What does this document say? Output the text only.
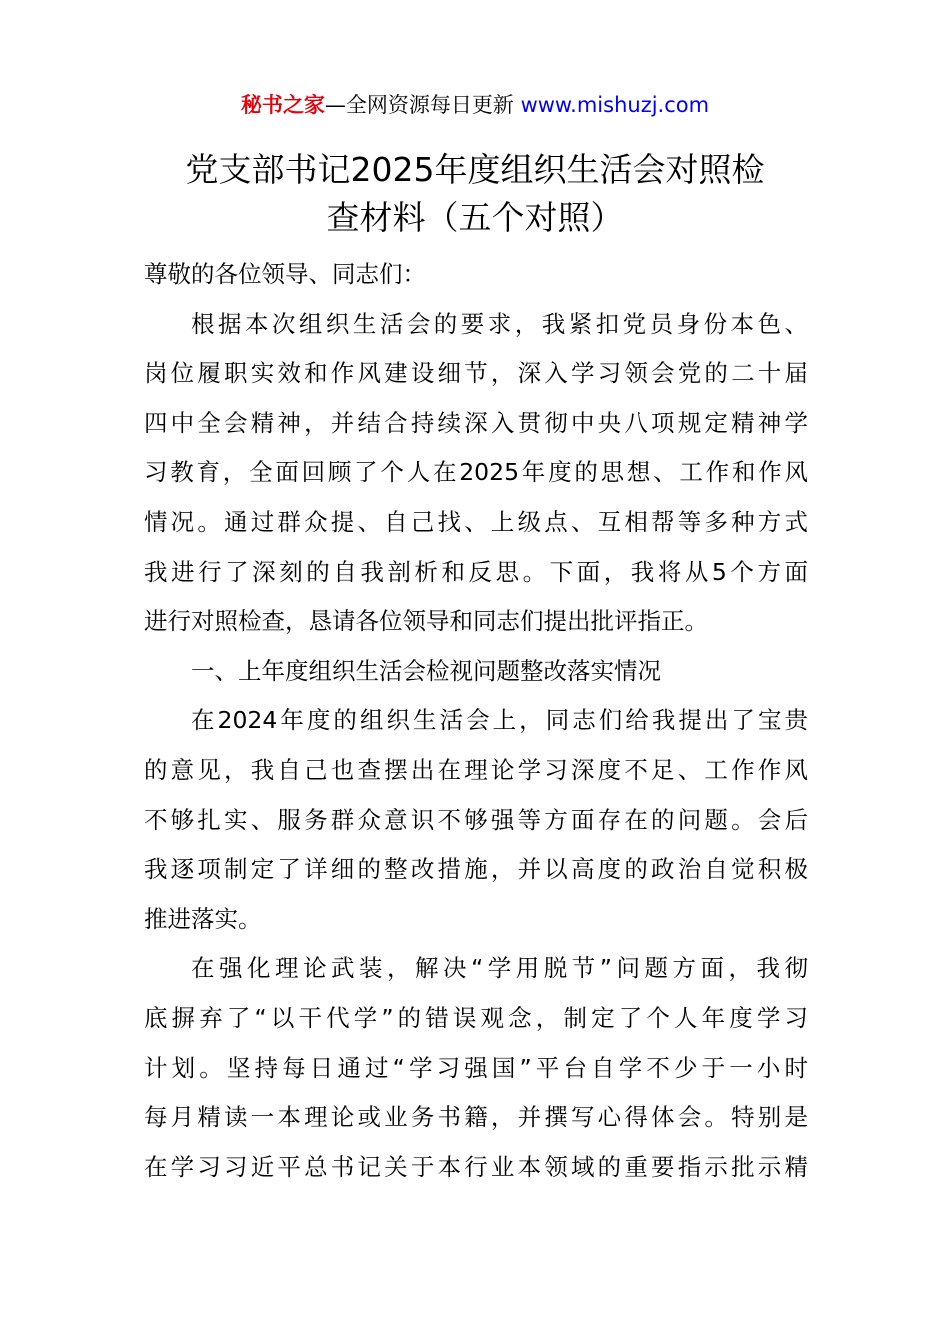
秘书之家—全网资源每日更新 www.mishuzj.com
党支部书记2025年度组织生活会对照检
查材料（五个对照）

尊敬的各位领导、同志们：

根据本次组织生活会的要求，我紧扣党员身份本色、
岗位履职实效和作风建设细节，深入学习领会党的二十届
四中全会精神，并结合持续深入贯彻中央八项规定精神学
习教育，全面回顾了个人在2025年度的思想、工作和作风
情况。通过群众提、自己找、上级点、互相帮等多种方式
我进行了深刻的自我剖析和反思。下面，我将从5个方面
进行对照检查，恳请各位领导和同志们提出批评指正。

一、上年度组织生活会检视问题整改落实情况

在2024年度的组织生活会上，同志们给我提出了宝贵
的意见，我自己也查摆出在理论学习深度不足、工作作风
不够扎实、服务群众意识不够强等方面存在的问题。会后
我逐项制定了详细的整改措施，并以高度的政治自觉积极
推进落实。

在强化理论武装，解决“学用脱节”问题方面，我彻
底摒弃了“以干代学”的错误观念，制定了个人年度学习
计划。坚持每日通过“学习强国”平台自学不少于一小时
每月精读一本理论或业务书籍，并撰写心得体会。特别是
在学习习近平总书记关于本行业本领域的重要指示批示精
